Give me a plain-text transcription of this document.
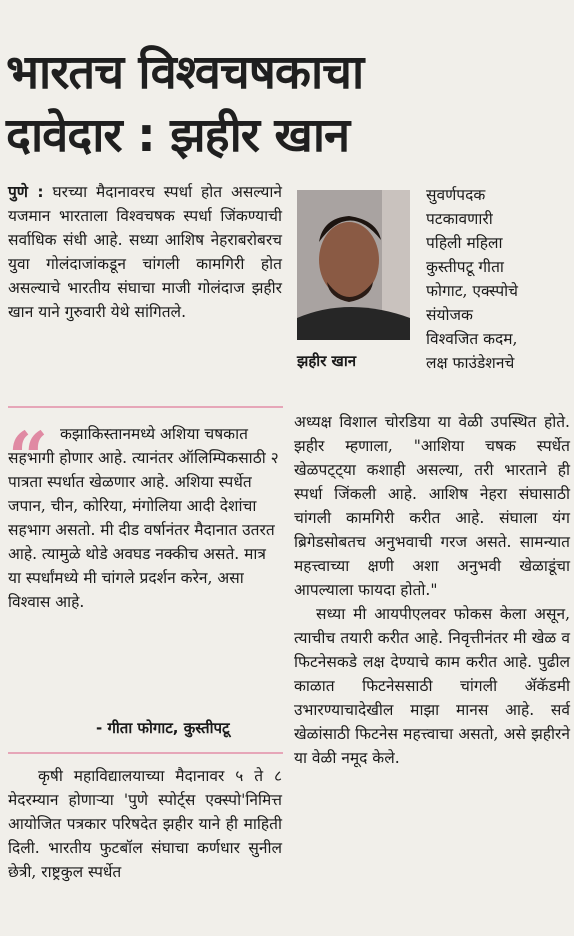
भारतच विश्वचषकाचा
दावेदार : झहीर खान
पुणे : घरच्या मैदानावरच स्पर्धा होत असल्याने यजमान भारताला विश्वचषक स्पर्धा जिंकण्याची सर्वाधिक संधी आहे. सध्या आशिष नेहराबरोबरच युवा गोलंदाजांकडून चांगली कामगिरी होत असल्याचे भारतीय संघाचा माजी गोलंदाज झहीर खान याने गुरुवारी येथे सांगितले.
झहीर खान
सुवर्णपदक
पटकावणारी
पहिली महिला
कुस्तीपटू गीता
फोगाट, एक्स्पोचे
संयोजक
विश्वजित कदम,
लक्ष फाउंडेशनचे

अध्यक्ष विशाल चोरडिया या वेळी उपस्थित होते. झहीर म्हणाला, "आशिया चषक स्पर्धेत खेळपट्ट्या कशाही असल्या, तरी भारताने ही स्पर्धा जिंकली आहे. आशिष नेहरा संघासाठी चांगली कामगिरी करीत आहे. संघाला यंग ब्रिगेडसोबतच अनुभवाची गरज असते. सामन्यात महत्त्वाच्या क्षणी अशा अनुभवी खेळाडूंचा आपल्याला फायदा होतो."

सध्या मी आयपीएलवर फोकस केला असून, त्याचीच तयारी करीत आहे. निवृत्तीनंतर मी खेळ व फिटनेसकडे लक्ष देण्याचे काम करीत आहे. पुढील काळात फिटनेससाठी चांगली ॲकॅडमी उभारण्याचादेखील माझा मानस आहे. सर्व खेळांसाठी फिटनेस महत्त्वाचा असतो, असे झहीरने या वेळी नमूद केले.

“ कझाकिस्तानमध्ये अशिया चषकात सहभागी होणार आहे. त्यानंतर ऑलिम्पिकसाठी २ पात्रता स्पर्धात खेळणार आहे. अशिया स्पर्धेत जपान, चीन, कोरिया, मंगोलिया आदी देशांचा सहभाग असतो. मी दीड वर्षानंतर मैदानात उतरत आहे. त्यामुळे थोडे अवघड नक्कीच असते. मात्र या स्पर्धांमध्ये मी चांगले प्रदर्शन करेन, असा विश्वास आहे.
- गीता फोगाट, कुस्तीपटू
कृषी महाविद्यालयाच्या मैदानावर ५ ते ८ मेदरम्यान होणाऱ्या 'पुणे स्पोर्ट्स एक्स्पो'निमित्त आयोजित पत्रकार परिषदेत झहीर याने ही माहिती दिली. भारतीय फुटबॉल संघाचा कर्णधार सुनील छेत्री, राष्ट्रकुल स्पर्धेत
